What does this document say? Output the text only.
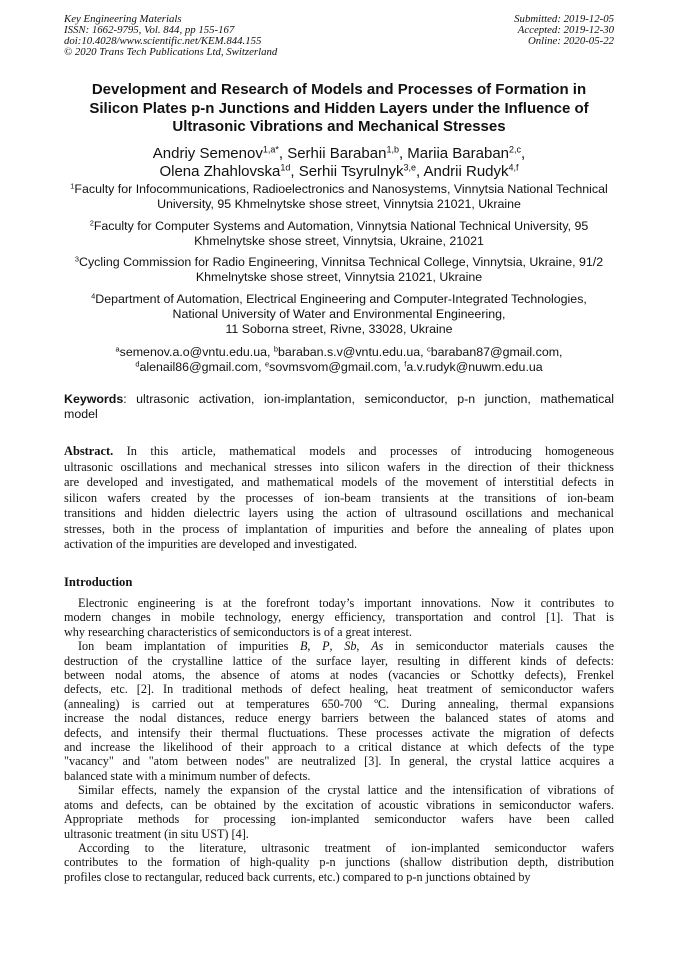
Key Engineering Materials
ISSN: 1662-9795, Vol. 844, pp 155-167
doi:10.4028/www.scientific.net/KEM.844.155
© 2020 Trans Tech Publications Ltd, Switzerland
Submitted: 2019-12-05
Accepted: 2019-12-30
Online: 2020-05-22
Development and Research of Models and Processes of Formation in
Silicon Plates p-n Junctions and Hidden Layers under the Influence of
Ultrasonic Vibrations and Mechanical Stresses
Andriy Semenov$^{1,a*}$, Serhii Baraban$^{1,b}$, Mariia Baraban$^{2,c}$,
Olena Zhahlovska$^{1d}$, Serhii Tsyrulnyk$^{3,e}$, Andrii Rudyk$^{4,f}$
$^1$Faculty for Infocommunications, Radioelectronics and Nanosystems, Vinnytsia National Technical
University, 95 Khmelnytske shose street, Vinnytsia 21021, Ukraine
$^2$Faculty for Computer Systems and Automation, Vinnytsia National Technical University, 95
Khmelnytske shose street, Vinnytsia, Ukraine, 21021
$^3$Cycling Commission for Radio Engineering, Vinnitsa Technical College, Vinnytsia, Ukraine, 91/2
Khmelnytske shose street, Vinnytsia 21021, Ukraine
$^4$Department of Automation, Electrical Engineering and Computer-Integrated Technologies,
National University of Water and Environmental Engineering,
11 Soborna street, Rivne, 33028, Ukraine
$^a$semenov.a.o@vntu.edu.ua, $^b$baraban.s.v@vntu.edu.ua, $^c$baraban87@gmail.com,
$^d$alenail86@gmail.com, $^e$sovmsvom@gmail.com, $^f$a.v.rudyk@nuwm.edu.ua
Keywords: ultrasonic activation, ion-implantation, semiconductor, p-n junction, mathematical
model
Abstract. In this article, mathematical models and processes of introducing homogeneous
ultrasonic oscillations and mechanical stresses into silicon wafers in the direction of their thickness
are developed and investigated, and mathematical models of the movement of interstitial defects in
silicon wafers created by the processes of ion-beam transients at the transitions of ion-beam
transitions and hidden dielectric layers using the action of ultrasound oscillations and mechanical
stresses, both in the process of implantation of impurities and before the annealing of plates upon
activation of the impurities are developed and investigated.
Introduction
Electronic engineering is at the forefront today’s important innovations. Now it contributes to
modern changes in mobile technology, energy efficiency, transportation and control [1]. That is
why researching characteristics of semiconductors is of a great interest.
Ion beam implantation of impurities B, P, Sb, As in semiconductor materials causes the
destruction of the crystalline lattice of the surface layer, resulting in different kinds of defects:
between nodal atoms, the absence of atoms at nodes (vacancies or Schottky defects), Frenkel
defects, etc. [2]. In traditional methods of defect healing, heat treatment of semiconductor wafers
(annealing) is carried out at temperatures 650-700 ºC. During annealing, thermal expansions
increase the nodal distances, reduce energy barriers between the balanced states of atoms and
defects, and intensify their thermal fluctuations. These processes activate the migration of defects
and increase the likelihood of their approach to a critical distance at which defects of the type
"vacancy" and "atom between nodes" are neutralized [3]. In general, the crystal lattice acquires a
balanced state with a minimum number of defects.
Similar effects, namely the expansion of the crystal lattice and the intensification of vibrations of
atoms and defects, can be obtained by the excitation of acoustic vibrations in semiconductor wafers.
Appropriate methods for processing ion-implanted semiconductor wafers have been called
ultrasonic treatment (in situ UST) [4].
According to the literature, ultrasonic treatment of ion-implanted semiconductor wafers
contributes to the formation of high-quality p-n junctions (shallow distribution depth, distribution
profiles close to rectangular, reduced back currents, etc.) compared to p-n junctions obtained by
